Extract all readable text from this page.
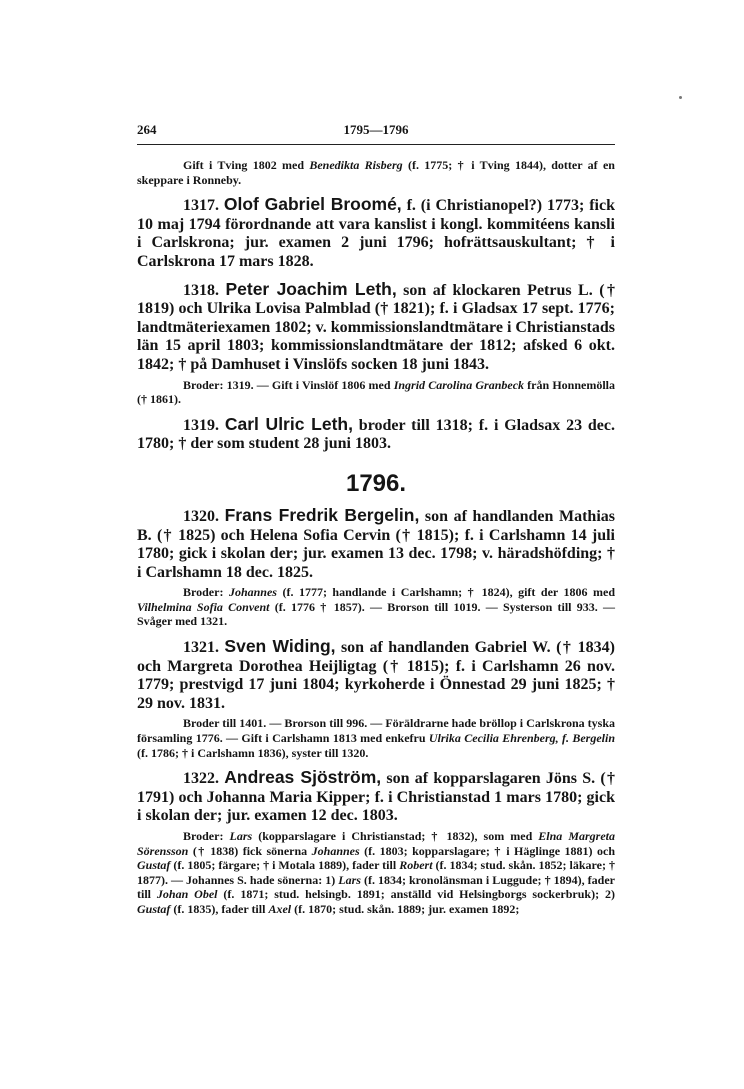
264	1795—1796

Gift i Tving 1802 med Benedikta Risberg (f. 1775; † i Tving 1844), dotter af en skeppare i Ronneby.

1317. Olof Gabriel Broomé, f. (i Christianopel?) 1773; fick 10 maj 1794 förordnande att vara kanslist i kongl. kommitéens kansli i Carlskrona; jur. examen 2 juni 1796; hofrättsauskultant; † i Carlskrona 17 mars 1828.

1318. Peter Joachim Leth, son af klockaren Petrus L. († 1819) och Ulrika Lovisa Palmblad († 1821); f. i Gladsax 17 sept. 1776; landtmäteriexamen 1802; v. kommissionslandtmätare i Christianstads län 15 april 1803; kommissionslandtmätare der 1812; afsked 6 okt. 1842; † på Damhuset i Vinslöfs socken 18 juni 1843.

Broder: 1319. — Gift i Vinslöf 1806 med Ingrid Carolina Granbeck från Honnemölla († 1861).

1319. Carl Ulric Leth, broder till 1318; f. i Gladsax 23 dec. 1780; † der som student 28 juni 1803.

1796.

1320. Frans Fredrik Bergelin, son af handlanden Mathias B. († 1825) och Helena Sofia Cervin († 1815); f. i Carlshamn 14 juli 1780; gick i skolan der; jur. examen 13 dec. 1798; v. häradshöfding; † i Carlshamn 18 dec. 1825.

Broder: Johannes (f. 1777; handlande i Carlshamn; † 1824), gift der 1806 med Vilhelmina Sofia Convent (f. 1776 † 1857). — Brorson till 1019. — Systerson till 933. — Svåger med 1321.

1321. Sven Widing, son af handlanden Gabriel W. († 1834) och Margreta Dorothea Heijligtag († 1815); f. i Carlshamn 26 nov. 1779; prestvigd 17 juni 1804; kyrkoherde i Önnestad 29 juni 1825; † 29 nov. 1831.

Broder till 1401. — Brorson till 996. — Föräldrarne hade bröllop i Carlskrona tyska församling 1776. — Gift i Carlshamn 1813 med enkefru Ulrika Cecilia Ehrenberg, f. Bergelin (f. 1786; † i Carlshamn 1836), syster till 1320.

1322. Andreas Sjöström, son af kopparslagaren Jöns S. († 1791) och Johanna Maria Kipper; f. i Christianstad 1 mars 1780; gick i skolan der; jur. examen 12 dec. 1803.

Broder: Lars (kopparslagare i Christianstad; † 1832), som med Elna Margreta Sörensson († 1838) fick sönerna Johannes (f. 1803; kopparslagare; † i Häglinge 1881) och Gustaf (f. 1805; färgare; † i Motala 1889), fader till Robert (f. 1834; stud. skån. 1852; läkare; † 1877). — Johannes S. hade sönerna: 1) Lars (f. 1834; kronolänsman i Luggude; † 1894), fader till Johan Obel (f. 1871; stud. helsingb. 1891; anställd vid Helsingborgs sockerbruk); 2) Gustaf (f. 1835), fader till Axel (f. 1870; stud. skån. 1889; jur. examen 1892;
